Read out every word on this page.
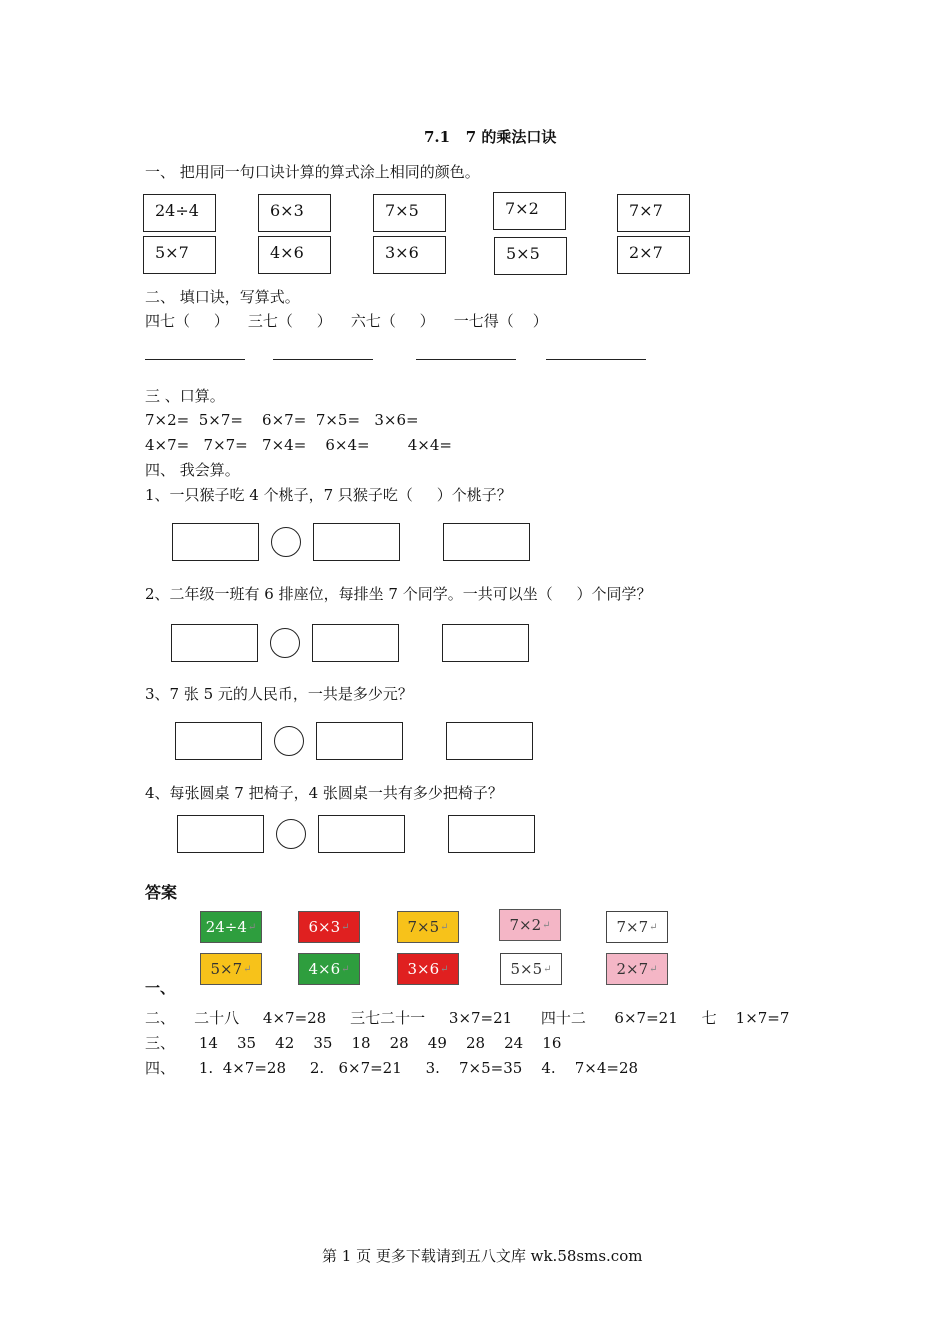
7.1   7 的乘法口诀
一、 把用同一句口诀计算的算式涂上相同的颜色。
24÷4	6×3	7×5	7×2	7×7
5×7	4×6	3×6	5×5	2×7
二、 填口诀，写算式。
四七（     ）    三七（     ）    六七（     ）    一七得（    ）
三 、口算。
7×2=  5×7=    6×7=  7×5=   3×6=
4×7=   7×7=   7×4=    6×4=        4×4=
四、 我会算。
1、一只猴子吃 4 个桃子，7 只猴子吃（     ）个桃子？
2、二年级一班有 6 排座位，每排坐 7 个同学。一共可以坐（     ）个同学？
3、7 张 5 元的人民币，一共是多少元？
4、每张圆桌 7 把椅子，4 张圆桌一共有多少把椅子？
答案
24÷4 ↵	6×3 ↵	7×5 ↵	7×2 ↵	7×7 ↵
5×7 ↵	4×6 ↵	3×6 ↵	5×5 ↵	2×7 ↵
一、
二、    二十八     4×7=28     三七二十一     3×7=21      四十二      6×7=21     七    1×7=7
三、     14    35    42    35    18    28    49    28    24    16
四、     1.  4×7=28     2.   6×7=21     3.    7×5=35    4.    7×4=28
第 1 页 更多下载请到五八文库 wk.58sms.com
